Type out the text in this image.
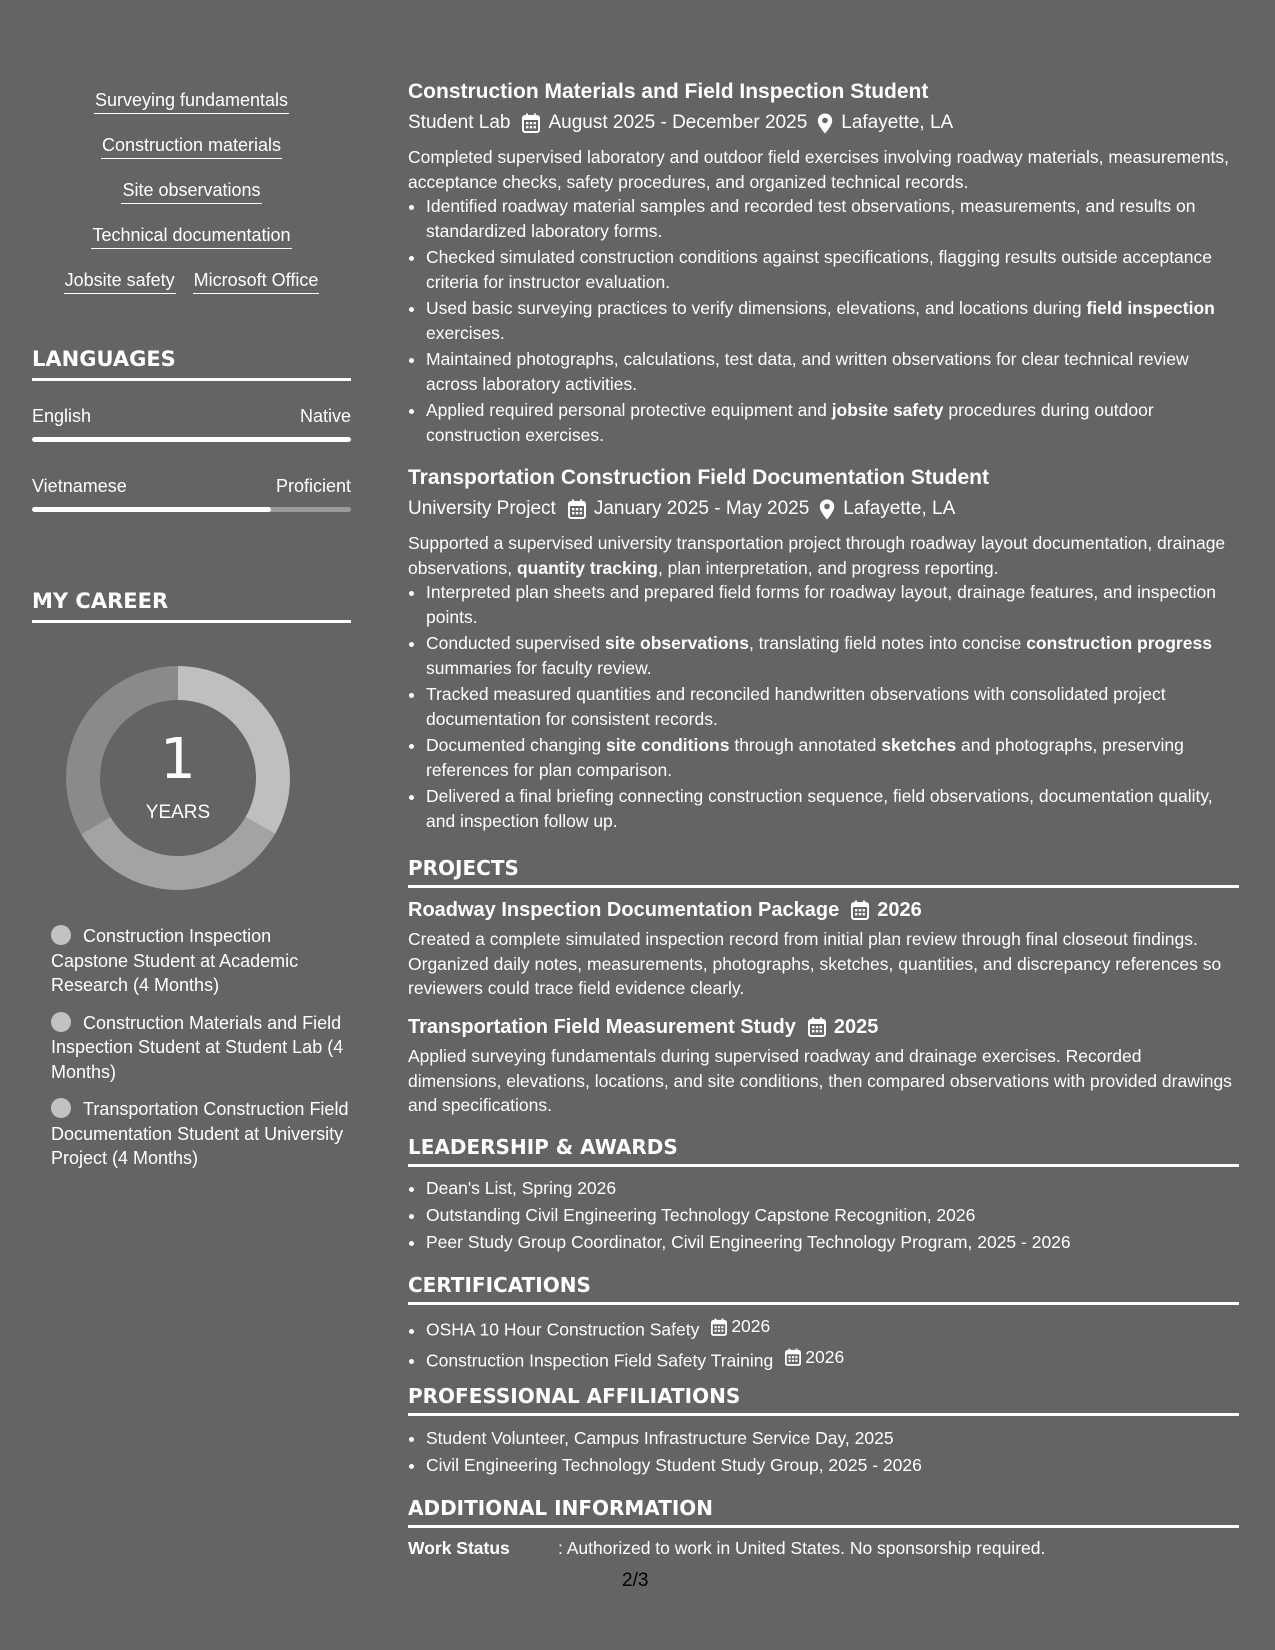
Surveying fundamentals
Construction materials
Site observations
Technical documentation
Jobsite safety Microsoft Office
LANGUAGES
English	Native
Vietnamese	Proficient
MY CAREER
1
YEARS
Construction Inspection Capstone Student at Academic Research (4 Months)
Construction Materials and Field Inspection Student at Student Lab (4 Months)
Transportation Construction Field Documentation Student at University Project (4 Months)
Construction Materials and Field Inspection Student
Student Lab August 2025 - December 2025 Lafayette, LA
Completed supervised laboratory and outdoor field exercises involving roadway materials, measurements, acceptance checks, safety procedures, and organized technical records.
• Identified roadway material samples and recorded test observations, measurements, and results on standardized laboratory forms.
• Checked simulated construction conditions against specifications, flagging results outside acceptance criteria for instructor evaluation.
• Used basic surveying practices to verify dimensions, elevations, and locations during field inspection exercises.
• Maintained photographs, calculations, test data, and written observations for clear technical review across laboratory activities.
• Applied required personal protective equipment and jobsite safety procedures during outdoor construction exercises.
Transportation Construction Field Documentation Student
University Project January 2025 - May 2025 Lafayette, LA
Supported a supervised university transportation project through roadway layout documentation, drainage observations, quantity tracking, plan interpretation, and progress reporting.
• Interpreted plan sheets and prepared field forms for roadway layout, drainage features, and inspection points.
• Conducted supervised site observations, translating field notes into concise construction progress summaries for faculty review.
• Tracked measured quantities and reconciled handwritten observations with consolidated project documentation for consistent records.
• Documented changing site conditions through annotated sketches and photographs, preserving references for plan comparison.
• Delivered a final briefing connecting construction sequence, field observations, documentation quality, and inspection follow up.
PROJECTS
Roadway Inspection Documentation Package 2026
Created a complete simulated inspection record from initial plan review through final closeout findings. Organized daily notes, measurements, photographs, sketches, quantities, and discrepancy references so reviewers could trace field evidence clearly.
Transportation Field Measurement Study 2025
Applied surveying fundamentals during supervised roadway and drainage exercises. Recorded dimensions, elevations, locations, and site conditions, then compared observations with provided drawings and specifications.
LEADERSHIP & AWARDS
• Dean's List, Spring 2026
• Outstanding Civil Engineering Technology Capstone Recognition, 2026
• Peer Study Group Coordinator, Civil Engineering Technology Program, 2025 - 2026
CERTIFICATIONS
• OSHA 10 Hour Construction Safety 2026
• Construction Inspection Field Safety Training 2026
PROFESSIONAL AFFILIATIONS
• Student Volunteer, Campus Infrastructure Service Day, 2025
• Civil Engineering Technology Student Study Group, 2025 - 2026
ADDITIONAL INFORMATION
Work Status	: Authorized to work in United States. No sponsorship required.
2/3
